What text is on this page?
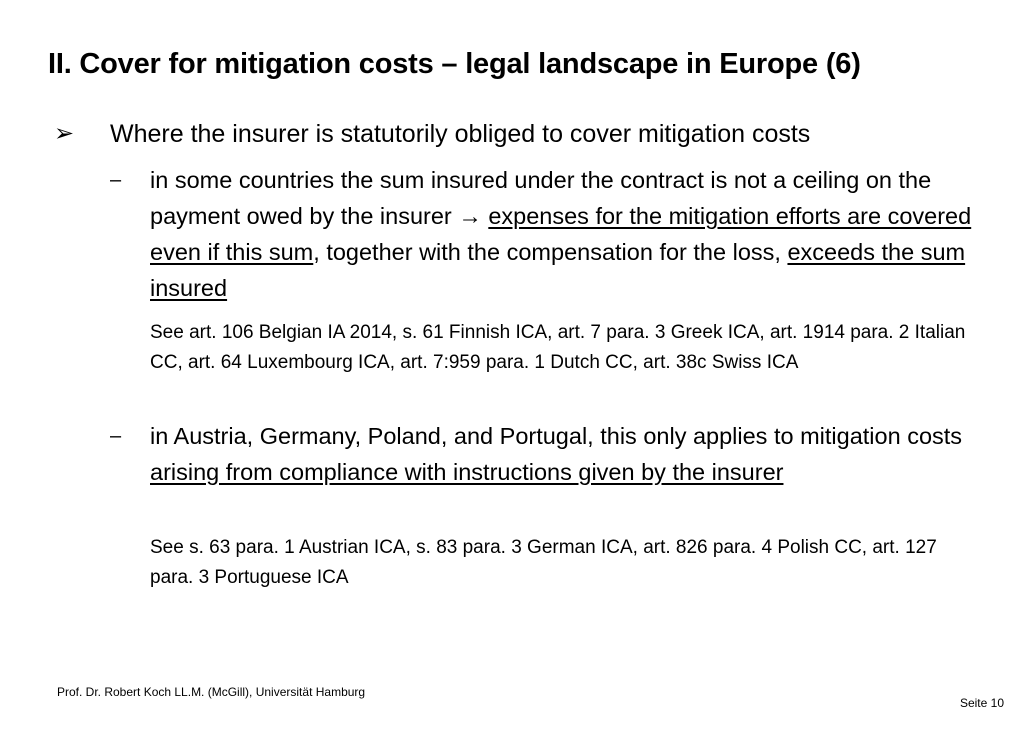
II. Cover for mitigation costs – legal landscape in Europe (6)
➢	Where the insurer is statutorily obliged to cover mitigation costs
–	in some countries the sum insured under the contract is not a ceiling on the payment owed by the insurer → expenses for the mitigation efforts are covered even if this sum, together with the compensation for the loss, exceeds the sum insured
See art. 106 Belgian IA 2014, s. 61 Finnish ICA, art. 7 para. 3 Greek ICA, art. 1914 para. 2 Italian CC, art. 64 Luxembourg ICA, art. 7:959 para. 1 Dutch CC, art. 38c Swiss ICA
–	in Austria, Germany, Poland, and Portugal, this only applies to mitigation costs arising from compliance with instructions given by the insurer
See s. 63 para. 1 Austrian ICA, s. 83 para. 3 German ICA, art. 826 para. 4 Polish CC, art. 127 para. 3 Portuguese ICA
Prof. Dr. Robert Koch LL.M. (McGill), Universität Hamburg
Seite 10
